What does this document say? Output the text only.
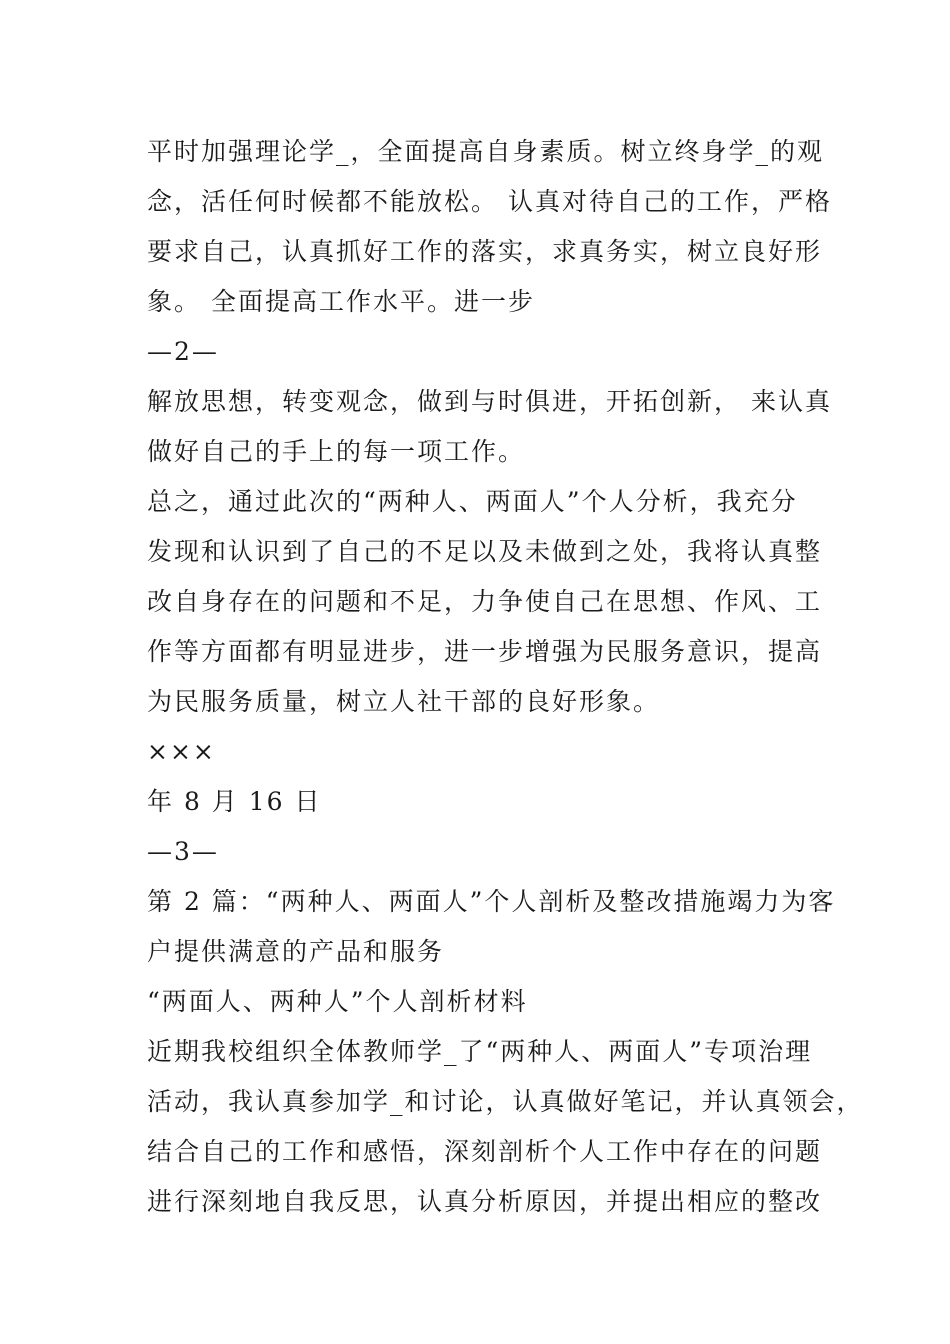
平时加强理论学_，全面提高自身素质。树立终身学_的观
念，活任何时候都不能放松。 认真对待自己的工作，严格
要求自己，认真抓好工作的落实，求真务实，树立良好形
象。 全面提高工作水平。进一步
—2—
解放思想，转变观念，做到与时俱进，开拓创新， 来认真
做好自己的手上的每一项工作。
总之，通过此次的“两种人、两面人”个人分析，我充分
发现和认识到了自己的不足以及未做到之处，我将认真整
改自身存在的问题和不足，力争使自己在思想、作风、工
作等方面都有明显进步，进一步增强为民服务意识，提高
为民服务质量，树立人社干部的良好形象。
×××
年 8 月 16 日
—3—
第 2 篇：“两种人、两面人”个人剖析及整改措施竭力为客
户提供满意的产品和服务
“两面人、两种人”个人剖析材料
近期我校组织全体教师学_了“两种人、两面人”专项治理
活动，我认真参加学_和讨论，认真做好笔记，并认真领会，
结合自己的工作和感悟，深刻剖析个人工作中存在的问题
进行深刻地自我反思，认真分析原因，并提出相应的整改
